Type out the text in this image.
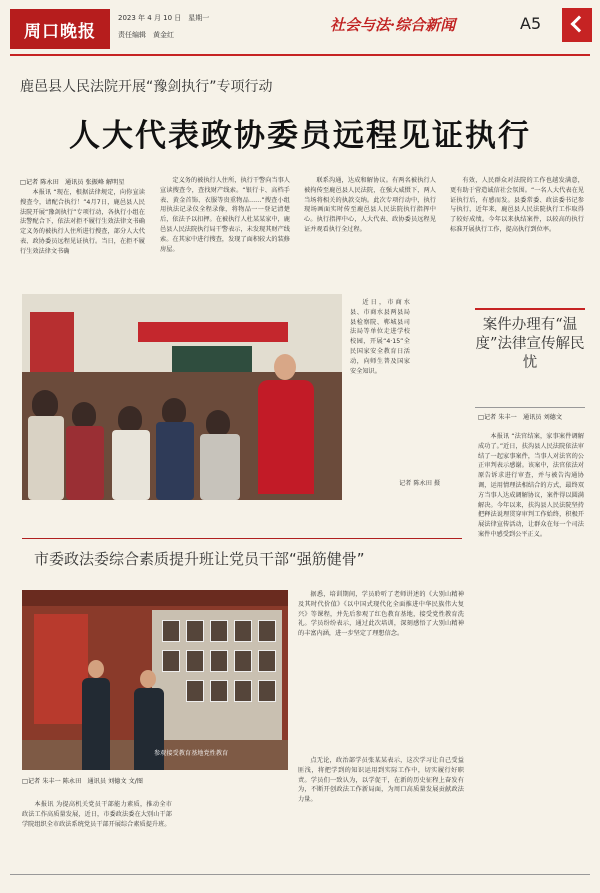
周口晚报
2023 年 4 月 10 日　星期一
责任编辑　黄金红
社会与法·综合新闻	A5
鹿邑县人民法院开展“豫剑执行”专项行动
人大代表政协委员远程见证执行
□记者 陈永田　通讯员 张振峰 解明星

本报讯 “现在，根据法律规定，向你宣读搜查令，请配合执行！”4月7日，鹿邑县人民法院开展“豫剑执行”专项行动，各执行小组在法警配合下，依法对拒不履行生效法律文书确定义务的被执行人住所进行搜查，部分人大代表、政协委员远程见证执行。当日，在拒不履行生效法律文书确

定义务的被执行人住所，执行干警向当事人宣读搜查令，查找财产线索。“银行卡、高档手表、黄金首饰、衣服等贵重物品……”搜查小组用执法记录仪全程录像，将物品一一登记清楚后，依法予以扣押。在被执行人杜某某家中，鹿邑县人民法院执行局干警表示，未发现其财产线索。在其家中进行搜查，发现了面积较大的装修房屋。

联系沟通，达成和解协议。有两名被执行人被拘传至鹿邑县人民法院，在强大威慑下，两人当场将相关的执款交纳。此次专项行动中，执行现场画面实时传至鹿邑县人民法院执行指挥中心。执行指挥中心，人大代表、政协委员远程见证并观看执行全过程。

有效，人民群众对法院的工作也越发满意，更有助于营造诚信社会氛围。“一名人大代表在见证执行后，有感而发。县委常委、政法委书记参与执行，近年来，鹿邑县人民法院执行工作取得了较好成绩。今年以来执结案件，以较高的执行标准开展执行工作，提高执行到位率。

近日，市商水县、市商水县两县局县检察院、郸城县司法局等单位走进学校校园，开展“4·15”全民国家安全教育日活动，向师生普及国家安全知识。

记者 陈永田 摄
案件办理有“温度”法律宣传解民忧
□记者 朱丰一　通讯员 刘德文

本报讯 “法官结案，家事案件调解成功了。”近日，扶沟县人民法院依法审结了一起家事案件，当事人对法官的公正审判表示感谢。该案中，法官依法对原告诉求进行审查，并与被告沟通协调，运用情理法相结合的方式，最终双方当事人达成调解协议，案件得以圆满解决。今年以来，扶沟县人民法院坚持把释法说理贯穿审判工作始终，积极开展法律宣传活动，让群众在每一个司法案件中感受到公平正义。

市委政法委综合素质提升班让党员干部“强筋健骨”
参观接受教育基地党性教育
□记者 朱丰一 陈永田　通讯员 刘德文 文/图

本报讯 为提高机关党员干部能力素质，推动全市政法工作高质量发展，近日，市委政法委在大别山干部学院组织全市政法系统党员干部开展综合素质提升班。

据悉，培训期间，学员聆听了老师讲述的《大别山精神及其时代价值》《以中国式现代化全面推进中华民族伟大复兴》等课程，并先后参观了红色教育基地，接受党性教育洗礼。学员纷纷表示，通过此次培训，深刻感悟了大别山精神的丰富内涵，进一步坚定了理想信念。

点无论，政治部学员张某某表示，这次学习让自己受益匪浅，将把学到的知识运用到实际工作中，切实履行好职责。学员们一致认为，以学促干，在新的历史征程上奋发有为，不断开创政法工作新局面，为周口高质量发展贡献政法力量。
